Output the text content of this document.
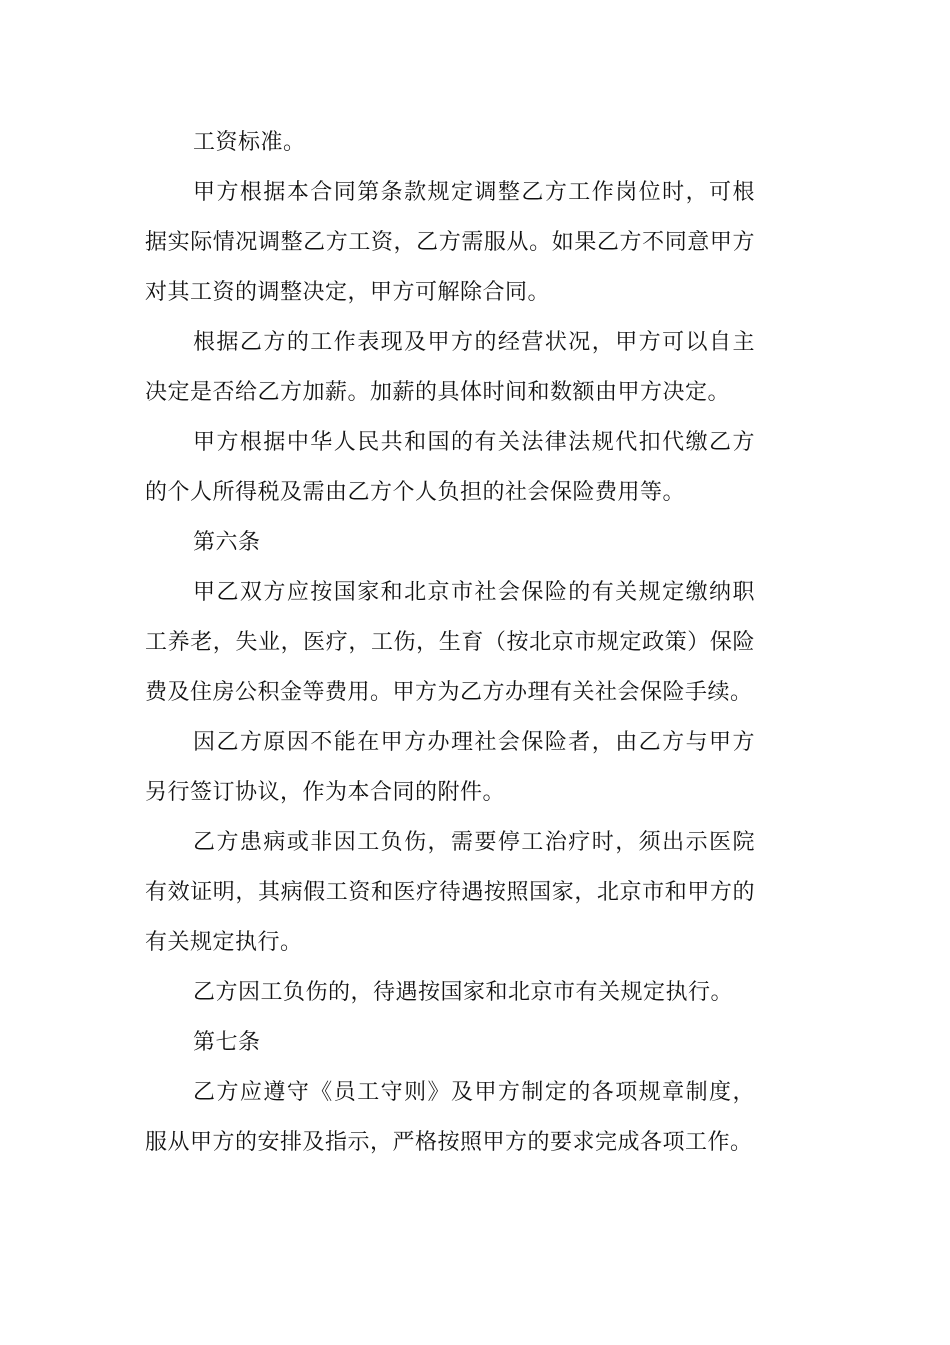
工资标准。

甲方根据本合同第条款规定调整乙方工作岗位时，可根据实际情况调整乙方工资，乙方需服从。如果乙方不同意甲方对其工资的调整决定，甲方可解除合同。

根据乙方的工作表现及甲方的经营状况，甲方可以自主决定是否给乙方加薪。加薪的具体时间和数额由甲方决定。

甲方根据中华人民共和国的有关法律法规代扣代缴乙方的个人所得税及需由乙方个人负担的社会保险费用等。

第六条

甲乙双方应按国家和北京市社会保险的有关规定缴纳职工养老，失业，医疗，工伤，生育（按北京市规定政策）保险费及住房公积金等费用。甲方为乙方办理有关社会保险手续。

因乙方原因不能在甲方办理社会保险者，由乙方与甲方另行签订协议，作为本合同的附件。

乙方患病或非因工负伤，需要停工治疗时，须出示医院有效证明，其病假工资和医疗待遇按照国家，北京市和甲方的有关规定执行。

乙方因工负伤的，待遇按国家和北京市有关规定执行。

第七条

乙方应遵守《员工守则》及甲方制定的各项规章制度，服从甲方的安排及指示，严格按照甲方的要求完成各项工作。
